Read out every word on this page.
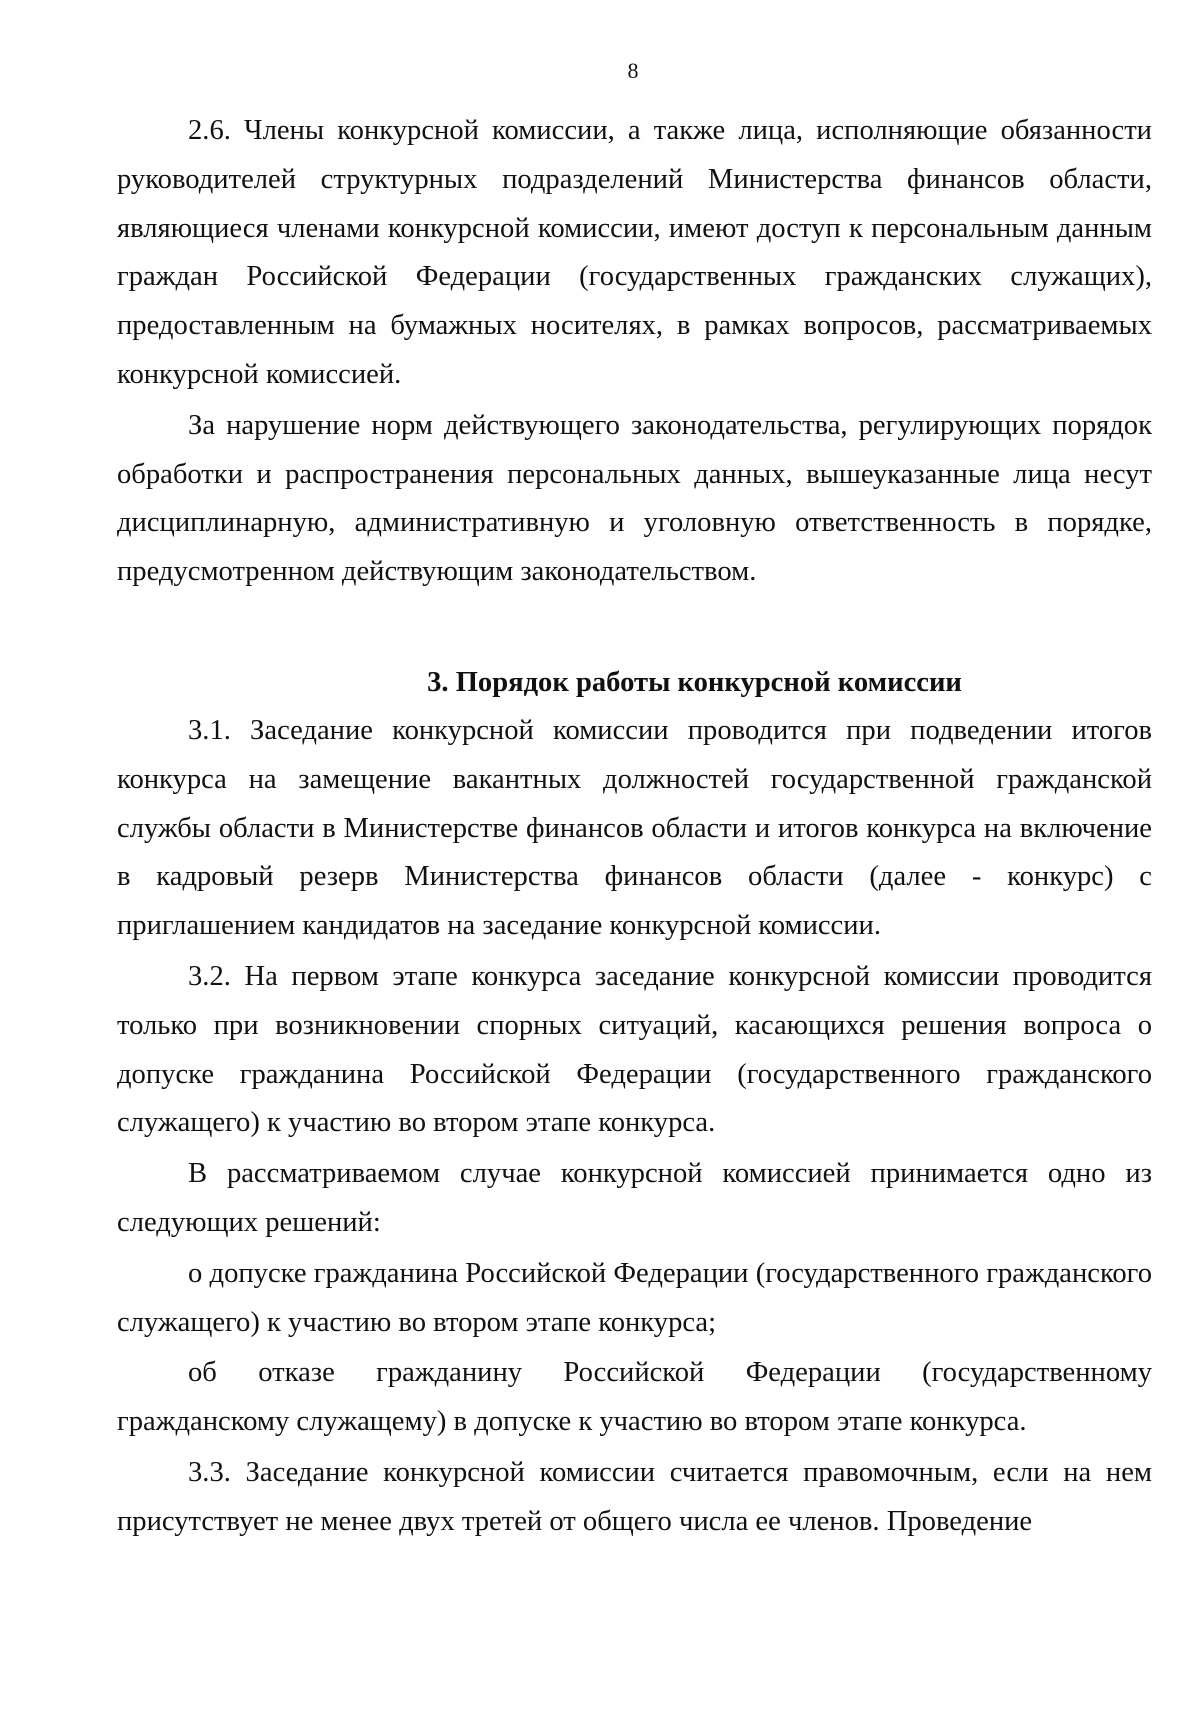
8

2.6. Члены конкурсной комиссии, а также лица, исполняющие обязанности руководителей структурных подразделений Министерства финансов области, являющиеся членами конкурсной комиссии, имеют доступ к персональным данным граждан Российской Федерации (государственных гражданских служащих), предоставленным на бумажных носителях, в рамках вопросов, рассматриваемых конкурсной комиссией.

За нарушение норм действующего законодательства, регулирующих порядок обработки и распространения персональных данных, вышеуказанные лица несут дисциплинарную, административную и уголовную ответственность в порядке, предусмотренном действующим законодательством.

3. Порядок работы конкурсной комиссии

3.1. Заседание конкурсной комиссии проводится при подведении итогов конкурса на замещение вакантных должностей государственной гражданской службы области в Министерстве финансов области и итогов конкурса на включение в кадровый резерв Министерства финансов области (далее - конкурс) с приглашением кандидатов на заседание конкурсной комиссии.

3.2. На первом этапе конкурса заседание конкурсной комиссии проводится только при возникновении спорных ситуаций, касающихся решения вопроса о допуске гражданина Российской Федерации (государственного гражданского служащего) к участию во втором этапе конкурса.

В рассматриваемом случае конкурсной комиссией принимается одно из следующих решений:

о допуске гражданина Российской Федерации (государственного гражданского служащего) к участию во втором этапе конкурса;

об отказе гражданину Российской Федерации (государственному гражданскому служащему) в допуске к участию во втором этапе конкурса.

3.3. Заседание конкурсной комиссии считается правомочным, если на нем присутствует не менее двух третей от общего числа ее членов. Проведение
